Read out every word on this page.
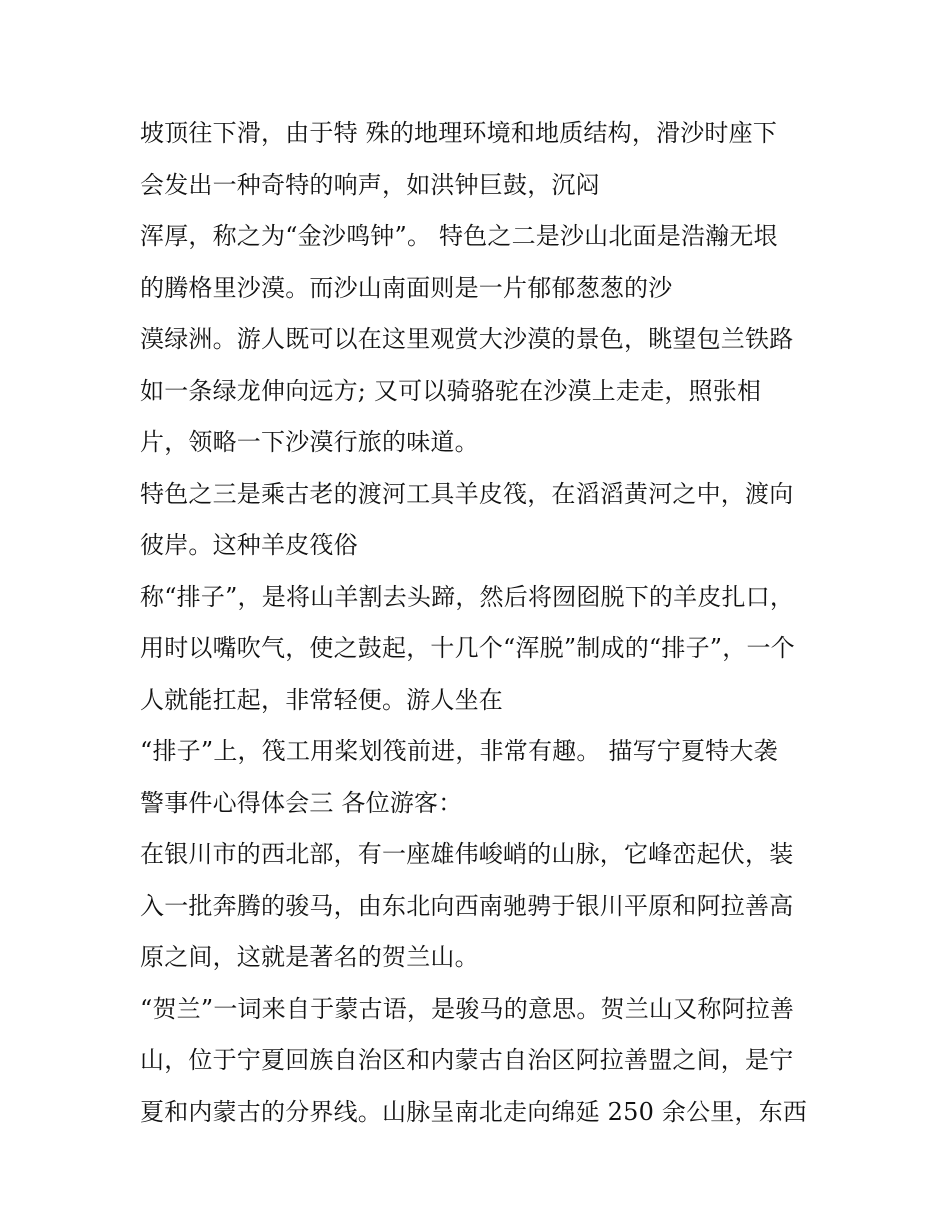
坡顶往下滑，由于特 殊的地理环境和地质结构，滑沙时座下
会发出一种奇特的响声，如洪钟巨鼓，沉闷
浑厚，称之为“金沙鸣钟”。 特色之二是沙山北面是浩瀚无垠
的腾格里沙漠。而沙山南面则是一片郁郁葱葱的沙
漠绿洲。游人既可以在这里观赏大沙漠的景色，眺望包兰铁路
如一条绿龙伸向远方; 又可以骑骆驼在沙漠上走走，照张相
片，领略一下沙漠行旅的味道。
特色之三是乘古老的渡河工具羊皮筏，在滔滔黄河之中，渡向
彼岸。这种羊皮筏俗
称“排子”，是将山羊割去头蹄，然后将囫囵脱下的羊皮扎口，
用时以嘴吹气，使之鼓起，十几个“浑脱”制成的“排子”，一个
人就能扛起，非常轻便。游人坐在
“排子”上，筏工用桨划筏前进，非常有趣。 描写宁夏特大袭
警事件心得体会三 各位游客：
在银川市的西北部，有一座雄伟峻峭的山脉，它峰峦起伏，装
入一批奔腾的骏马，由东北向西南驰骋于银川平原和阿拉善高
原之间，这就是著名的贺兰山。
“贺兰”一词来自于蒙古语，是骏马的意思。贺兰山又称阿拉善
山，位于宁夏回族自治区和内蒙古自治区阿拉善盟之间，是宁
夏和内蒙古的分界线。山脉呈南北走向绵延 250 余公里，东西
